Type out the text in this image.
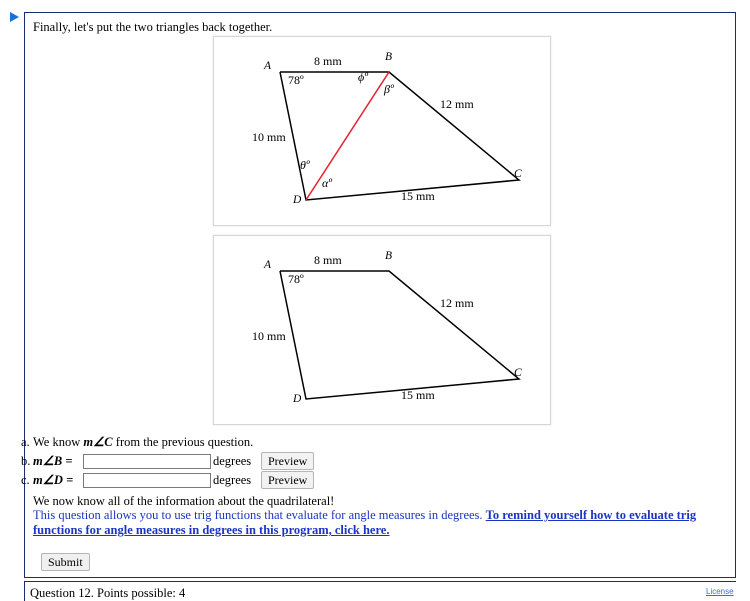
Finally, let's put the two triangles back together.
A
B
C
D
8 mm
12 mm
15 mm
10 mm
78º	ϕº
βº
θº
αº
A
B
C
D
8 mm
12 mm
15 mm
10 mm
78º
a. We know m∠C from the previous question.
b. m∠B =	degrees	Preview
c. m∠D =	degrees	Preview
We now know all of the information about the quadrilateral!
This question allows you to use trig functions that evaluate for angle measures in degrees. To remind yourself how to evaluate trig functions for angle measures in degrees in this program, click here.
Submit
Question 12. Points possible: 4	License
